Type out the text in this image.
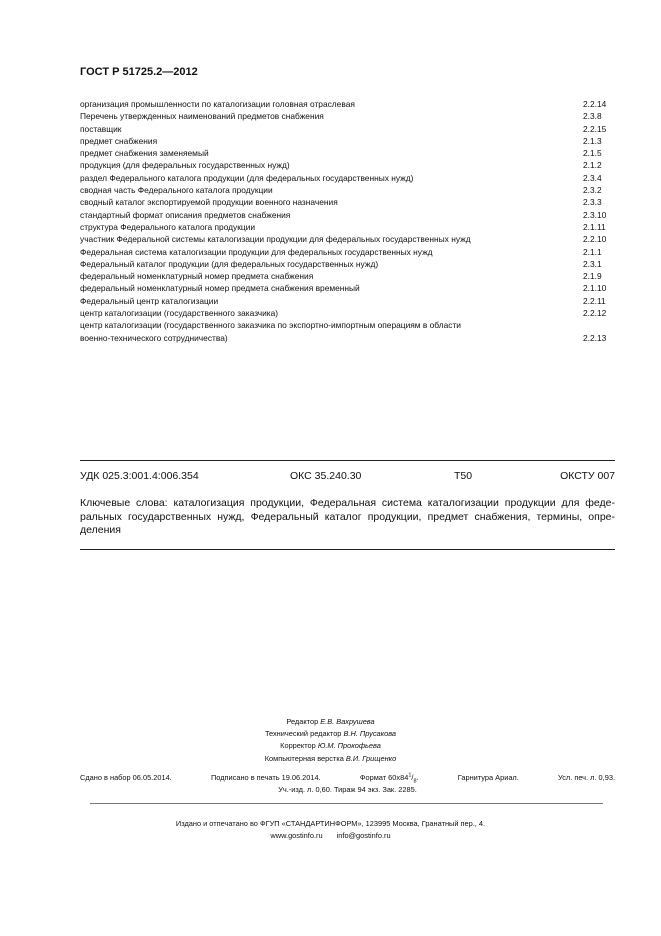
ГОСТ Р 51725.2—2012
организация промышленности по каталогизации головная отраслевая	2.2.14
Перечень утвержденных наименований предметов снабжения	2.3.8
поставщик	2.2.15
предмет снабжения	2.1.3
предмет снабжения заменяемый	2.1.5
продукция (для федеральных государственных нужд)	2.1.2
раздел Федерального каталога продукции (для федеральных государственных нужд)	2.3.4
сводная часть Федерального каталога продукции	2.3.2
сводный каталог экспортируемой продукции военного назначения	2.3.3
стандартный формат описания предметов снабжения	2.3.10
структура Федерального каталога продукции	2.1.11
участник Федеральной системы каталогизации продукции для федеральных государственных нужд	2.2.10
Федеральная система каталогизации продукции для федеральных государственных нужд	2.1.1
Федеральный каталог продукции (для федеральных государственных нужд)	2.3.1
федеральный номенклатурный номер предмета снабжения	2.1.9
федеральный номенклатурный номер предмета снабжения временный	2.1.10
Федеральный центр каталогизации	2.2.11
центр каталогизации (государственного заказчика)	2.2.12
центр каталогизации (государственного заказчика по экспортно-импортным операциям в области
военно-технического сотрудничества)	2.2.13
УДК 025.3:001.4:006.354	ОКС 35.240.30	Т50	ОКСТУ 007
Ключевые слова: каталогизация продукции, Федеральная система каталогизации продукции для феде-
ральных государственных нужд, Федеральный каталог продукции, предмет снабжения, термины, опре-
деления
Редактор Е.В. Вахрушева
Технический редактор В.Н. Прусакова
Корректор Ю.М. Прокофьева
Компьютерная верстка В.И. Грищенко
Сдано в набор 06.05.2014.	Подписано в печать 19.06.2014.	Формат $60x84^1/_8$.	Гарнитура Ариал.	Усл. печ. л. 0,93.
Уч.-изд. л. 0,60. Тираж 94 экз. Зак. 2285.
Издано и отпечатано во ФГУП «СТАНДАРТИНФОРМ», 123995 Москва, Гранатный пер., 4.
www.gostinfo.ru info@gostinfo.ru
